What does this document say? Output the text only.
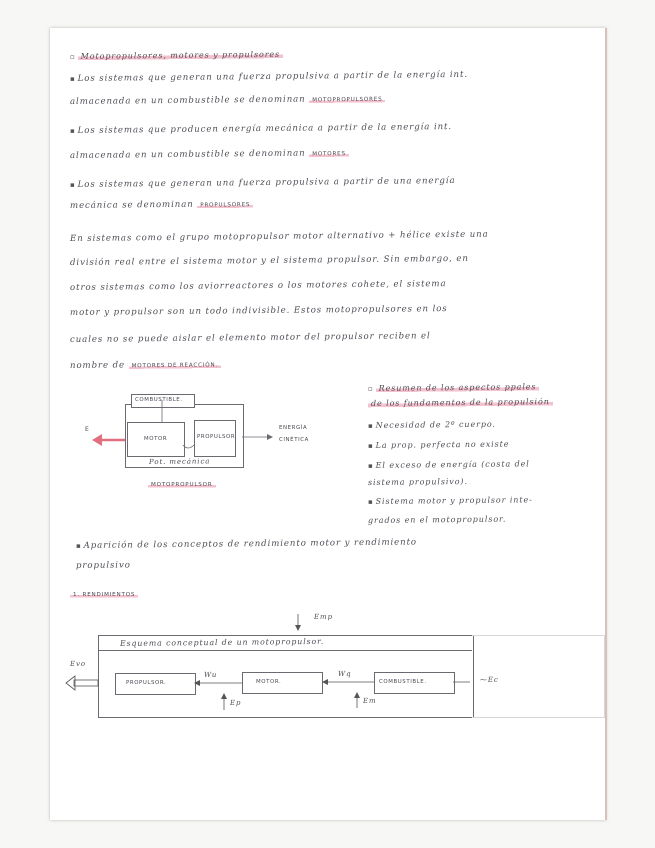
▫ Motopropulsores, motores y propulsores

▪ Los sistemas que generan una fuerza propulsiva a partir de la energía int.

almacenada en un combustible se denominan MOTOPROPULSORES

▪ Los sistemas que producen energía mecánica a partir de la energía int.

almacenada en un combustible se denominan MOTORES

▪ Los sistemas que generan una fuerza propulsiva a partir de una energía

mecánica se denominan PROPULSORES

En sistemas como el grupo motopropulsor motor alternativo + hélice existe una

división real entre el sistema motor y el sistema propulsor. Sin embargo, en

otros sistemas como los aviorreactores o los motores cohete, el sistema

motor y propulsor son un todo indivisible. Estos motopropulsores en los

cuales no se puede aislar el elemento motor del propulsor reciben el

nombre de MOTORES DE REACCIÓN.

COMBUSTIBLE.
MOTOR	PROPULSOR
E	ENERGÍA
CINÉTICA
Pot. mecánica
MOTOPROPULSOR

▫ Resumen de los aspectos ppales

de los fundamentos de la propulsión

▪ Necesidad de 2º cuerpo.

▪ La prop. perfecta no existe

▪ El exceso de energía (costa del

sistema propulsivo).

▪ Sistema motor y propulsor inte-

grados en el motopropulsor.

▪ Aparición de los conceptos de rendimiento motor y rendimiento

propulsivo

1. RENDIMIENTOS
Esquema conceptual de un motopropulsor.
PROPULSOR.	MOTOR.	COMBUSTIBLE.
Emp
Evo
Wu	Wq
Ep	Em
⁓Ec
